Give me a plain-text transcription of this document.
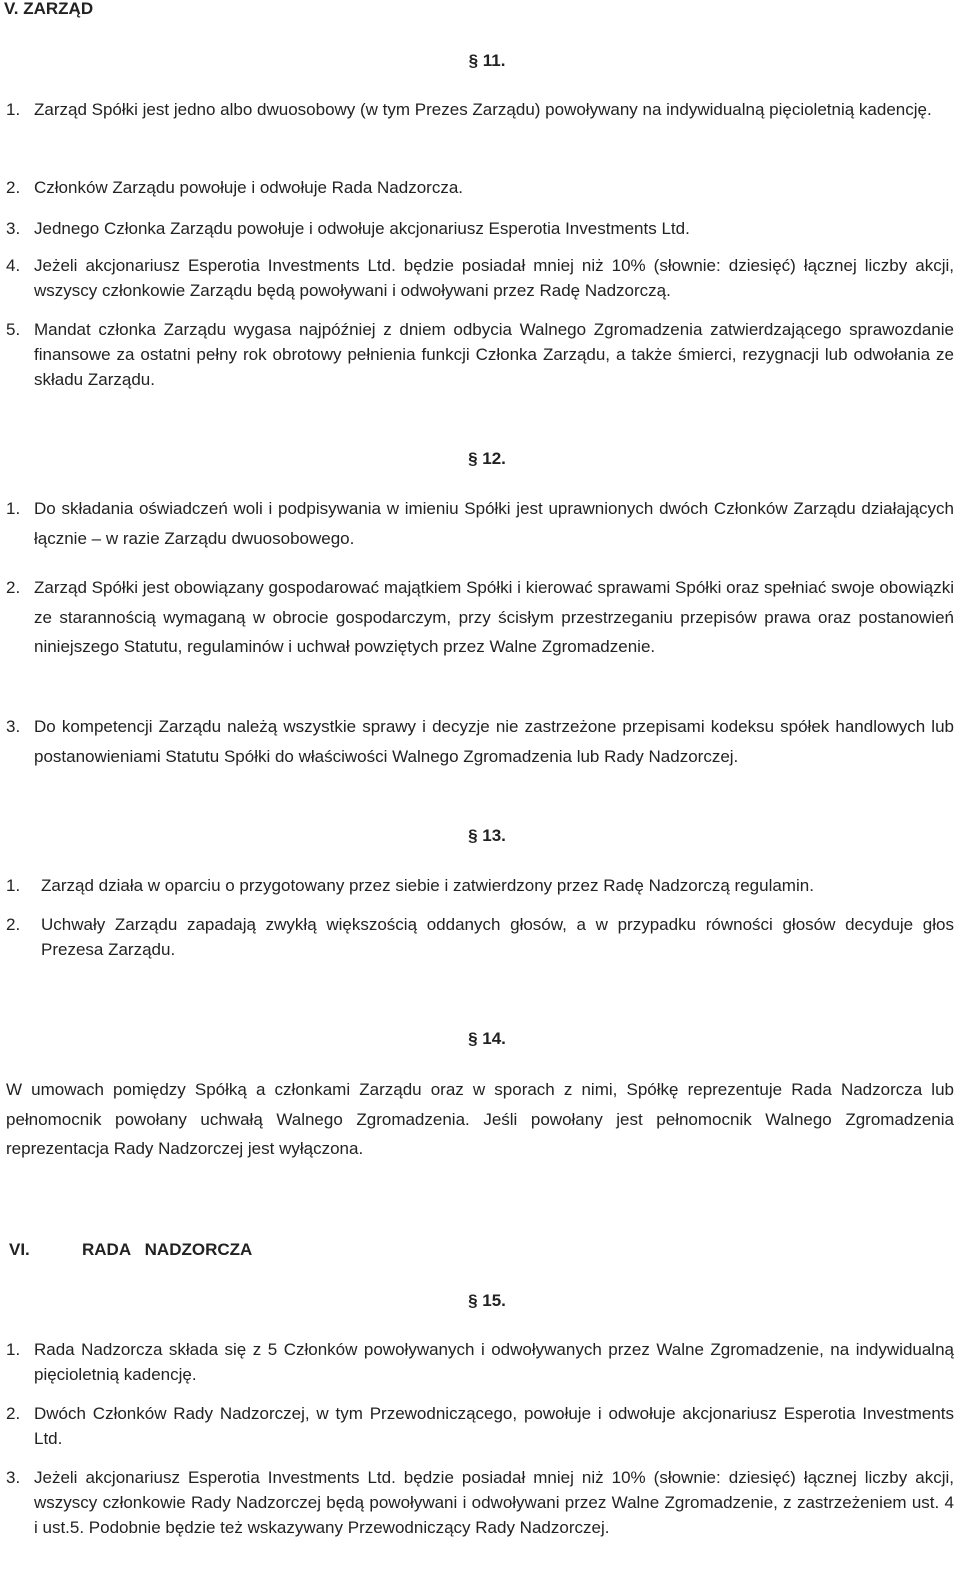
V. ZARZĄD
§ 11.
1. Zarząd Spółki jest jedno albo dwuosobowy (w tym Prezes Zarządu) powoływany na indywidualną pięcioletnią kadencję.
2. Członków Zarządu powołuje i odwołuje Rada Nadzorcza.
3. Jednego Członka Zarządu powołuje i odwołuje akcjonariusz Esperotia Investments Ltd.
4. Jeżeli akcjonariusz Esperotia Investments Ltd. będzie posiadał mniej niż 10% (słownie: dziesięć) łącznej liczby akcji, wszyscy członkowie Zarządu będą powoływani i odwoływani przez Radę Nadzorczą.
5. Mandat członka Zarządu wygasa najpóźniej z dniem odbycia Walnego Zgromadzenia zatwierdzającego sprawozdanie finansowe za ostatni pełny rok obrotowy pełnienia funkcji Członka Zarządu, a także śmierci, rezygnacji lub odwołania ze składu Zarządu.
§ 12.
1. Do składania oświadczeń woli i podpisywania w imieniu Spółki jest uprawnionych dwóch Członków Zarządu działających łącznie – w razie Zarządu dwuosobowego.
2. Zarząd Spółki jest obowiązany gospodarować majątkiem Spółki i kierować sprawami Spółki oraz spełniać swoje obowiązki ze starannością wymaganą w obrocie gospodarczym, przy ścisłym przestrzeganiu przepisów prawa oraz postanowień niniejszego Statutu, regulaminów i uchwał powziętych przez Walne Zgromadzenie.
3. Do kompetencji Zarządu należą wszystkie sprawy i decyzje nie zastrzeżone przepisami kodeksu spółek handlowych lub postanowieniami Statutu Spółki do właściwości Walnego Zgromadzenia lub Rady Nadzorczej.
§ 13.
1. Zarząd działa w oparciu o przygotowany przez siebie i zatwierdzony przez Radę Nadzorczą regulamin.
2. Uchwały Zarządu zapadają zwykłą większością oddanych głosów, a w przypadku równości głosów decyduje głos Prezesa Zarządu.
§ 14.
W umowach pomiędzy Spółką a członkami Zarządu oraz w sporach z nimi, Spółkę reprezentuje Rada Nadzorcza lub pełnomocnik powołany uchwałą Walnego Zgromadzenia. Jeśli powołany jest pełnomocnik Walnego Zgromadzenia reprezentacja Rady Nadzorczej jest wyłączona.
VI.	RADA   NADZORCZA
§ 15.
1. Rada Nadzorcza składa się z 5 Członków powoływanych i odwoływanych przez Walne Zgromadzenie, na indywidualną pięcioletnią kadencję.
2. Dwóch Członków Rady Nadzorczej, w tym Przewodniczącego, powołuje i odwołuje akcjonariusz Esperotia Investments Ltd.
3. Jeżeli akcjonariusz Esperotia Investments Ltd. będzie posiadał mniej niż 10% (słownie: dziesięć) łącznej liczby akcji, wszyscy członkowie Rady Nadzorczej będą powoływani i odwoływani przez Walne Zgromadzenie, z zastrzeżeniem ust. 4 i ust.5. Podobnie będzie też wskazywany Przewodniczący Rady Nadzorczej.
